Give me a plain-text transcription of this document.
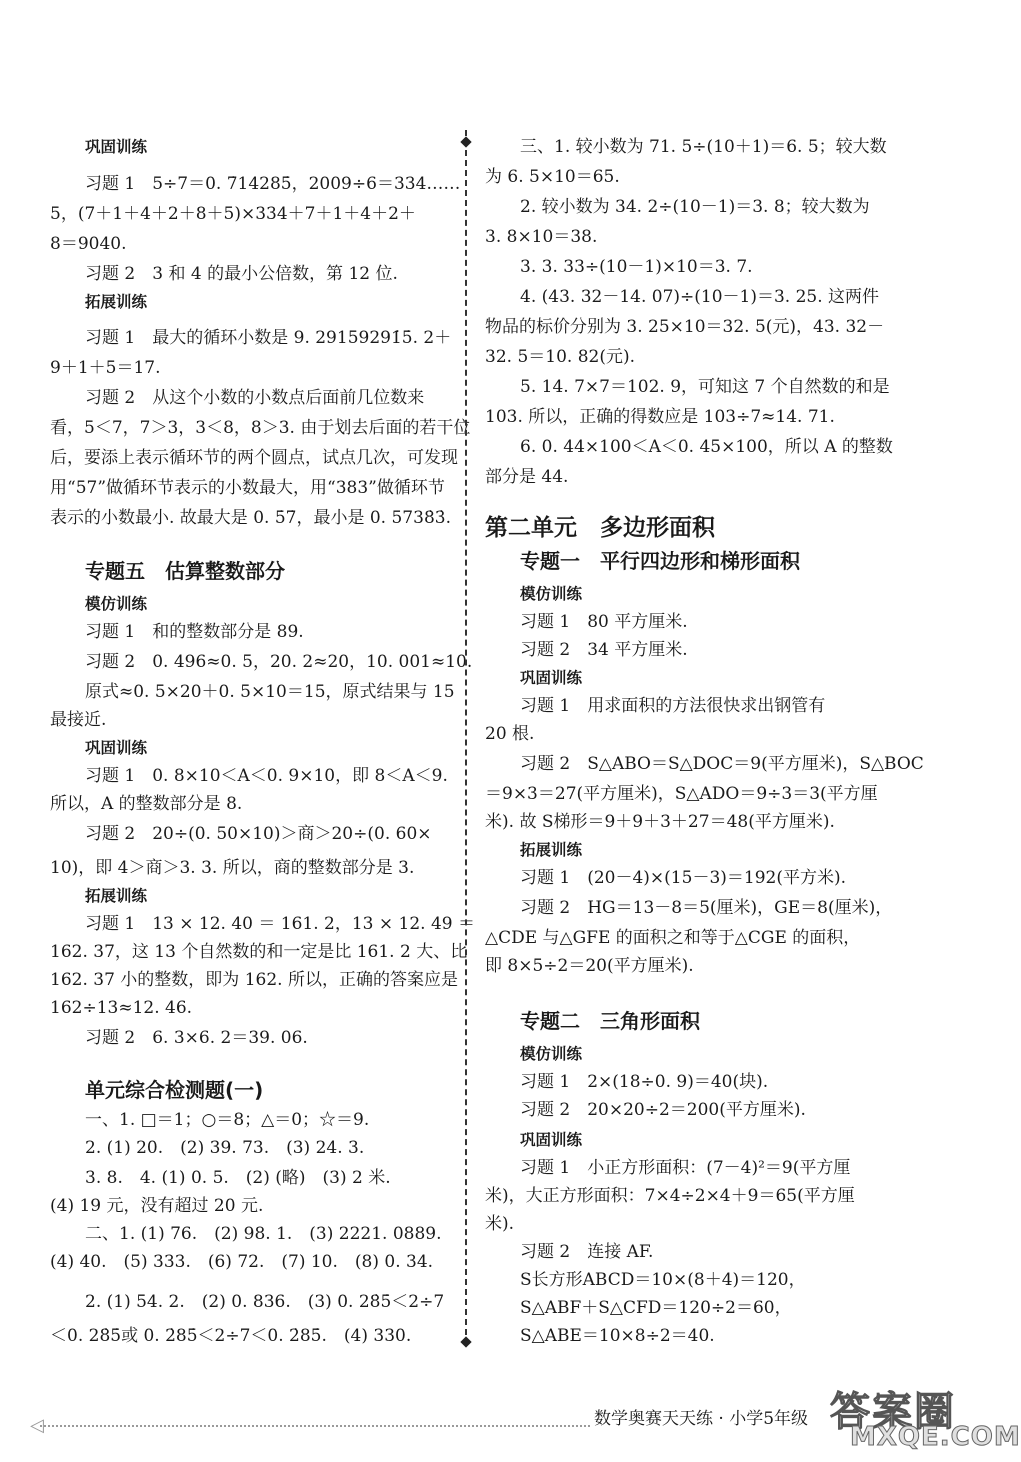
巩固训练
习题 1　5÷7＝0. 7̇14285̇，2009÷6＝334……
5，(7＋1＋4＋2＋8＋5)×334＋7＋1＋4＋2＋
8＝9040.
习题 2　3 和 4 的最小公倍数，第 12 位.
拓展训练
习题 1　最大的循环小数是 9. 29159291̇5̇. 2＋
9＋1＋5＝17.
习题 2　从这个小数的小数点后面前几位数来
看，5＜7，7＞3，3＜8，8＞3. 由于划去后面的若干位
后，要添上表示循环节的两个圆点，试点几次，可发现
用“57”做循环节表示的小数最大，用“383”做循环节
表示的小数最小. 故最大是 0. 5̇7̇，最小是 0. 5738̇3̇.
专题五　估算整数部分
模仿训练
习题 1　和的整数部分是 89.
习题 2　0. 496≈0. 5，20. 2≈20，10. 001≈10.
原式≈0. 5×20＋0. 5×10＝15，原式结果与 15
最接近.
巩固训练
习题 1　0. 8×10＜A＜0. 9×10，即 8＜A＜9.
所以，A 的整数部分是 8.
习题 2　20÷(0. 50×10)＞商＞20÷(0. 60×
10)，即 4＞商＞3. 3. 所以，商的整数部分是 3.
拓展训练
习题 1　13 × 12. 40 ＝ 161. 2，13 × 12. 49 ＝
162. 37，这 13 个自然数的和一定是比 161. 2 大、比
162. 37 小的整数，即为 162. 所以，正确的答案应是
162÷13≈12. 46.
习题 2　6. 3×6. 2＝39. 06.
单元综合检测题(一)
一、1. □＝1；○＝8；△＝0；☆＝9.
2. (1) 20.　(2) 39. 73.　(3) 24. 3.
3. 8.　4. (1) 0. 5.　(2) (略)　(3) 2 米.
(4) 19 元，没有超过 20 元.
二、1. (1) 76.　(2) 98. 1.　(3) 2221. 0889.
(4) 40.　(5) 333.　(6) 72.　(7) 10.　(8) 0. 34.
2. (1) 54. 2.　(2) 0. 836.　(3) 0. 28̇5̇＜2÷7
＜0. 28̇5̇或 0. 2̇85̇＜2÷7＜0. 2̇85̇.　(4) 330.
三、1. 较小数为 71. 5÷(10＋1)＝6. 5；较大数
为 6. 5×10＝65.
2. 较小数为 34. 2÷(10－1)＝3. 8；较大数为
3. 8×10＝38.
3. 3. 33÷(10－1)×10＝3. 7.
4. (43. 32－14. 07)÷(10－1)＝3. 25. 这两件
物品的标价分别为 3. 25×10＝32. 5(元)，43. 32－
32. 5＝10. 82(元).
5. 14. 7×7＝102. 9，可知这 7 个自然数的和是
103. 所以，正确的得数应是 103÷7≈14. 71.
6. 0. 44×100＜A＜0. 45×100，所以 A 的整数
部分是 44.
第二单元　多边形面积
专题一　平行四边形和梯形面积
模仿训练
习题 1　80 平方厘米.
习题 2　34 平方厘米.
巩固训练
习题 1　用求面积的方法很快求出钢管有
20 根.
习题 2　S△ABO＝S△DOC＝9(平方厘米)，S△BOC
＝9×3＝27(平方厘米)，S△ADO＝9÷3＝3(平方厘
米). 故 S梯形＝9＋9＋3＋27＝48(平方厘米).
拓展训练
习题 1　(20－4)×(15－3)＝192(平方米).
习题 2　HG＝13－8＝5(厘米)，GE＝8(厘米)，
△CDE 与△GFE 的面积之和等于△CGE 的面积，
即 8×5÷2＝20(平方厘米).
专题二　三角形面积
模仿训练
习题 1　2×(18÷0. 9)＝40(块).
习题 2　20×20÷2＝200(平方厘米).
巩固训练
习题 1　小正方形面积：(7－4)²＝9(平方厘
米)，大正方形面积：7×4÷2×4＋9＝65(平方厘
米).
习题 2　连接 AF.
S长方形ABCD＝10×(8＋4)＝120，
S△ABF＋S△CFD＝120÷2＝60，
S△ABE＝10×8÷2＝40.
◁	数学奥赛天天练 · 小学5年级 答案圈
MXQE.COM
